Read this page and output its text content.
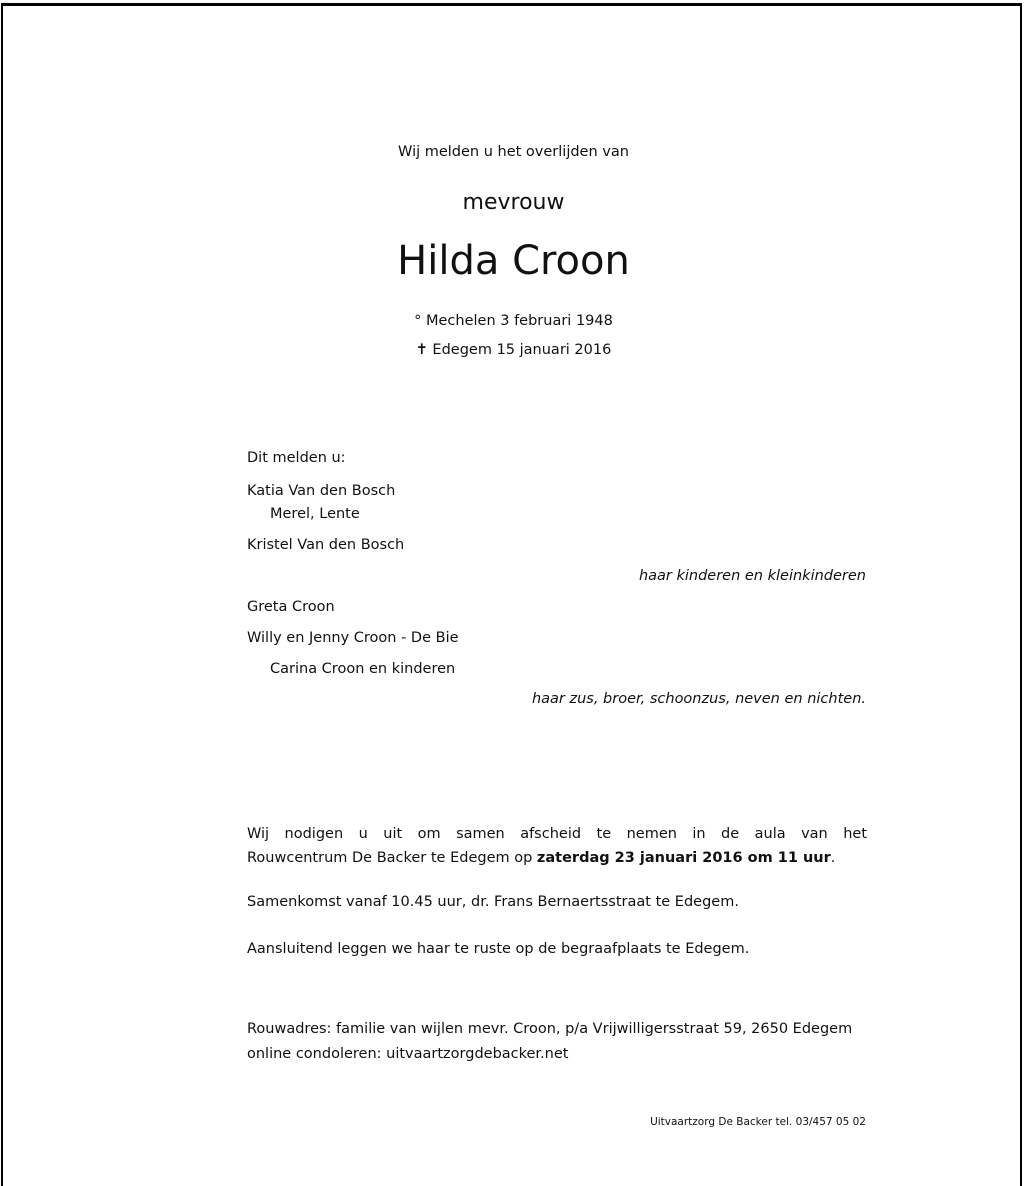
Wij melden u het overlijden van
mevrouw
Hilda Croon
° Mechelen 3 februari 1948
✝ Edegem 15 januari 2016
Dit melden u:
Katia Van den Bosch
Merel, Lente
Kristel Van den Bosch
haar kinderen en kleinkinderen
Greta Croon
Willy en Jenny Croon - De Bie
Carina Croon en kinderen
haar zus, broer, schoonzus, neven en nichten.
Wij nodigen u uit om samen afscheid te nemen in de aula van het
Rouwcentrum De Backer te Edegem op zaterdag 23 januari 2016 om 11 uur.
Samenkomst vanaf 10.45 uur, dr. Frans Bernaertsstraat te Edegem.
Aansluitend leggen we haar te ruste op de begraafplaats te Edegem.
Rouwadres: familie van wijlen mevr. Croon, p/a Vrijwilligersstraat 59, 2650 Edegem
online condoleren: uitvaartzorgdebacker.net
Uitvaartzorg De Backer tel. 03/457 05 02
